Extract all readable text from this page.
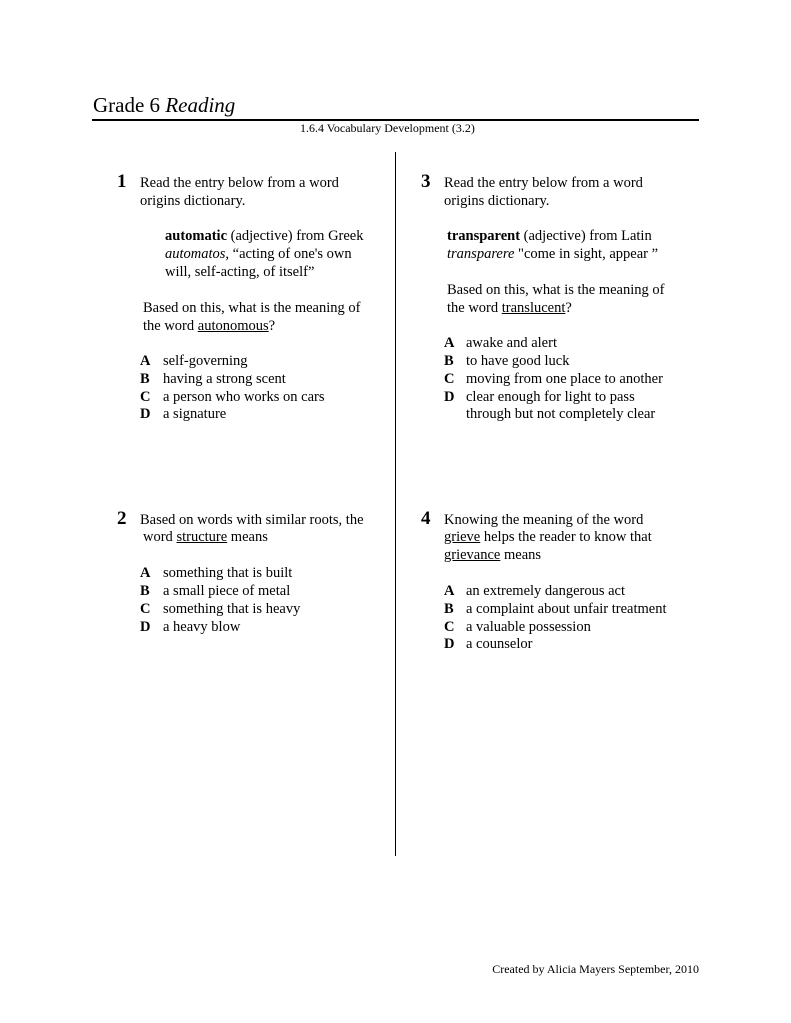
Grade 6 Reading
1.6.4 Vocabulary Development (3.2)
1 Read the entry below from a word
origins dictionary.
automatic (adjective) from Greek
automatos, “acting of one's own
will, self-acting, of itself”
Based on this, what is the meaning of
the word autonomous?
A self-governing
B having a strong scent
C a person who works on cars
D a signature
2 Based on words with similar roots, the
word structure means
A something that is built
B a small piece of metal
C something that is heavy
D a heavy blow
3 Read the entry below from a word
origins dictionary.
transparent (adjective) from Latin
transparere "come in sight, appear ”
Based on this, what is the meaning of
the word translucent?
A awake and alert
B to have good luck
C moving from one place to another
D clear enough for light to pass
through but not completely clear
4 Knowing the meaning of the word
grieve helps the reader to know that
grievance means
A an extremely dangerous act
B a complaint about unfair treatment
C a valuable possession
D a counselor
Created by Alicia Mayers September, 2010
